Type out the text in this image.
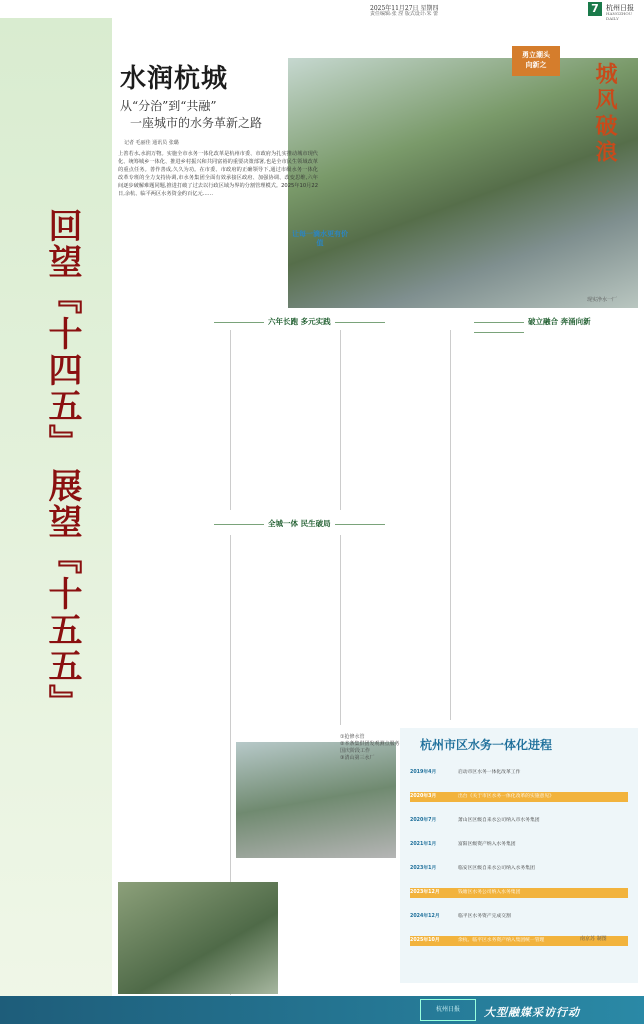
2025年11月27日 星期四
责任编辑:张 滢 版式设计:朱 蕾	7	杭州日报
HANGZHOU DAILY
回望『十四五』
展望『十五五』
勇立潮头
向新之	城风破浪
水润杭城
从“分治”到“共融”
一座城市的水务革新之路
记者 毛丽佳 通讯员 张璐
上善若水,水润万物。实施全市水务一体化改革是杭州市委、市政府为扎实推动城市现代化、统筹城乡一体化、推进乡村振兴和共同富裕的重要决策部署,也是全市民生领域改革的重点任务。善作善成,久久为功。在市委、市政府的正确领导下,通过市级水务一体化改革专班的全力支持协调,市水务集团全面有效承接区政府、加强协调、改变思维,六年间逐步破解难题同题,推进打破了过去以行政区域为界的分割管理模式。2025年10月22日,余杭、临平两区水务资金约百亿元……
让每一滴水更有价值
现实净水一厂
六年长跑 多元实践	破立融合 奔涌向新
全城一体 民生破局
①抢修水管
②本条集供团发观测点服务国庆阶段工作
③清山第三水厂
杭州市区水务一体化进程
2019年4月	启动市区水务一体化改革工作
2020年3月	出台《关于市区水务一体化改革的实施意见》
2020年7月	萧山区区级自来水公司纳入市水务集团
2021年1月	富阳区级资产纳入水务集团
2023年1月	临安区区级自来水公司纳入水务集团
2023年12月	钱塘区水务公司纳入水务集团
2024年12月	临平区水务资产完成交割
2025年10月	余杭、临平区水务资产纳入集团统一管理	南京苏 制图
杭州日报	大型融媒采访行动
